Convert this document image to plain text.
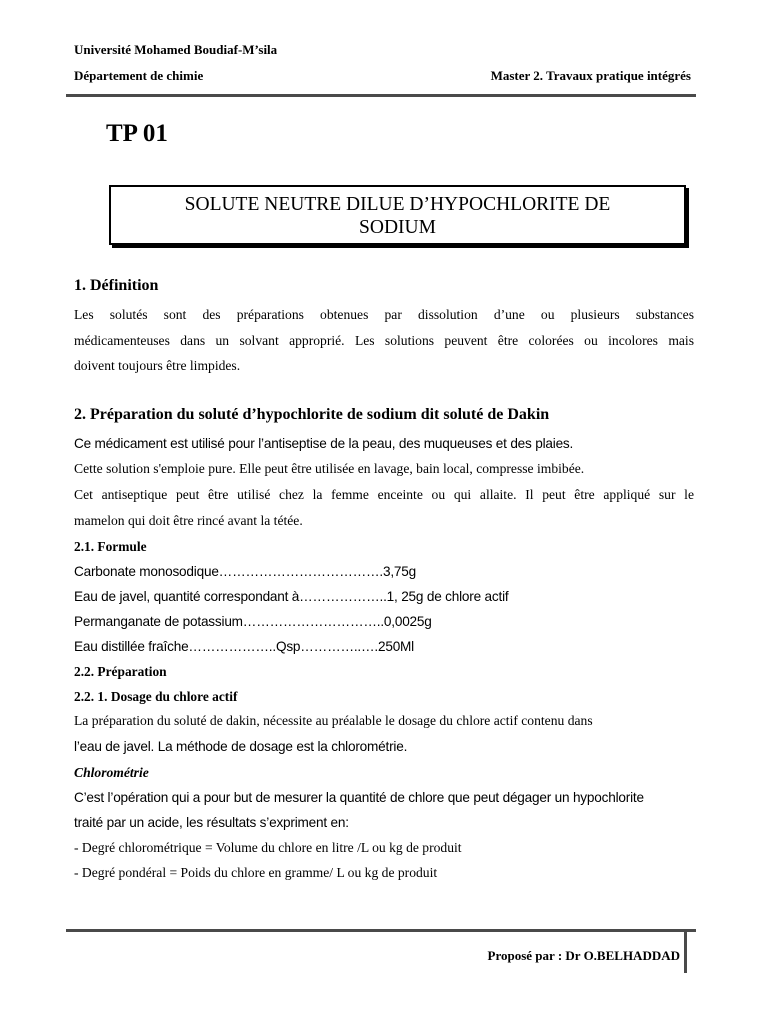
Université Mohamed Boudiaf-M’sila
Département de chimie	Master 2. Travaux pratique intégrés
TP 01
SOLUTE NEUTRE DILUE D’HYPOCHLORITE DE
SODIUM
1. Définition
Les solutés sont des préparations obtenues par dissolution d’une ou plusieurs substances
médicamenteuses dans un solvant approprié. Les solutions peuvent être colorées ou incolores mais
doivent toujours être limpides.
2. Préparation du soluté d’hypochlorite de sodium dit soluté de Dakin
Ce médicament est utilisé pour l’antiseptise de la peau, des muqueuses et des plaies.
Cette solution s'emploie pure. Elle peut être utilisée en lavage, bain local, compresse imbibée.
Cet antiseptique peut être utilisé chez la femme enceinte ou qui allaite. Il peut être appliqué sur le
mamelon qui doit être rincé avant la tétée.
2.1. Formule
Carbonate monosodique……………………………….3,75g
Eau de javel, quantité correspondant à………………..1, 25g de chlore actif
Permanganate de potassium…………………………..0,0025g
Eau distillée fraîche………………..Qsp…………..….250Ml
2.2. Préparation
2.2. 1. Dosage du chlore actif
La préparation du soluté de dakin, nécessite au préalable le dosage du chlore actif contenu dans
l’eau de javel. La méthode de dosage est la chlorométrie.
Chlorométrie
C’est l’opération qui a pour but de mesurer la quantité de chlore que peut dégager un hypochlorite
traité par un acide, les résultats s’expriment en:
- Degré chlorométrique = Volume du chlore en litre /L ou kg de produit
- Degré pondéral = Poids du chlore en gramme/ L ou kg de produit
Proposé par : Dr O.BELHADDAD
